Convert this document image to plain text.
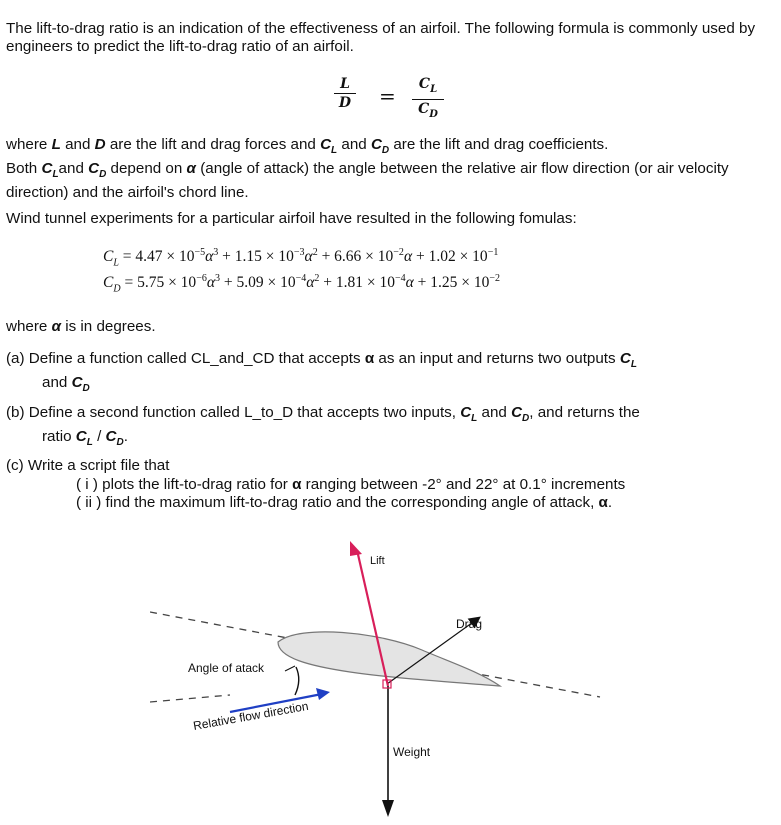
The lift-to-drag ratio is an indication of the effectiveness of an airfoil. The following formula is commonly used by engineers to predict the lift-to-drag ratio of an airfoil.

L
D =	$C_L$
$C_D$

where L and D are the lift and drag forces and $C_L$ and $C_D$ are the lift and drag coefficients.
Both $C_Land$ $C_D$ depend on α (angle of attack) the angle between the relative air flow direction (or air velocity direction) and the airfoil's chord line.

Wind tunnel experiments for a particular airfoil have resulted in the following fomulas:

$C_L = 4.47 \times 10^{-5}\alpha^3 + 1.15 \times 10^{-3}\alpha^2 + 6.66 \times 10^{-2}\alpha + 1.02 \times 10^{-1}$
$C_D = 5.75 \times 10^{-6}\alpha^3 + 5.09 \times 10^{-4}\alpha^2 + 1.81 \times 10^{-4}\alpha + 1.25 \times 10^{-2}$

where α is in degrees.

(a) Define a function called CL_and_CD that accepts α as an input and returns two outputs $C_L$
and $C_D$

(b) Define a second function called L_to_D that accepts two inputs, $C_L$ and $C_D$, and returns the
ratio $C_L / C_D$.

(c) Write a script file that

( i ) plots the lift-to-drag ratio for α ranging between -2° and 22° at 0.1° increments
( ii ) find the maximum lift-to-drag ratio and the corresponding angle of attack, α.
Lift
Drag
Weight
Angle of atack
Relative flow direction
